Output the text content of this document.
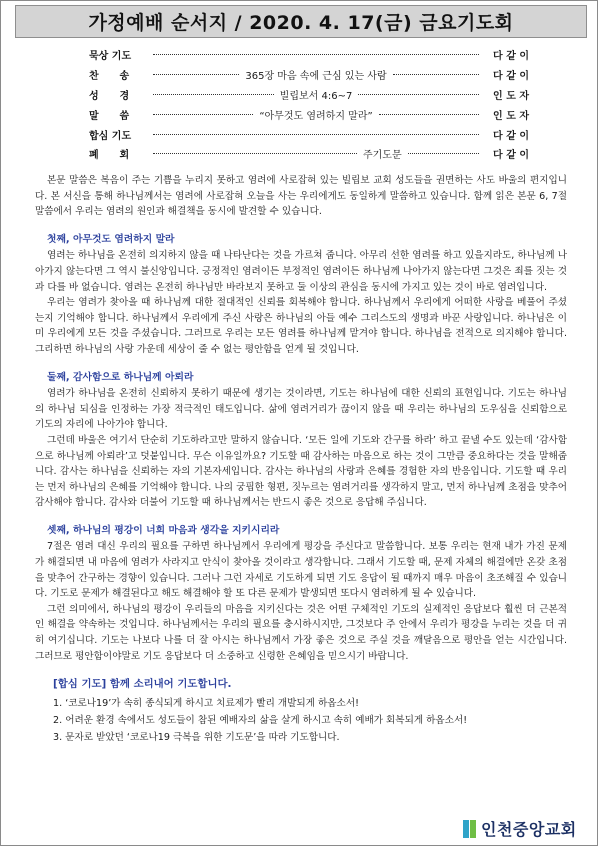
가정예배 순서지 / 2020. 4. 17(금) 금요기도회
묵상 기도	다 같 이
찬      송	365장 마음 속에 근심 있는 사람	다 같 이
성      경	빌립보서 4:6~7	인 도 자
말      씀	“아무것도 염려하지 말라”	인 도 자
합심 기도	다 같 이
폐      회	주기도문	다 같 이

본문 말씀은 복음이 주는 기쁨을 누리지 못하고 염려에 사로잡혀 있는 빌립보 교회 성도들을 권면하는 사도 바울의 편지입니다. 본 서신을 통해 하나님께서는 염려에 사로잡혀 오늘을 사는 우리에게도 동일하게 말씀하고 있습니다. 함께 읽은 본문 6, 7절 말씀에서 우리는 염려의 원인과 해결책을 동시에 발견할 수 있습니다.

첫째, 아무것도 염려하지 말라

염려는 하나님을 온전히 의지하지 않을 때 나타난다는 것을 가르쳐 줍니다. 아무리 선한 염려를 하고 있을지라도, 하나님께 나아가지 않는다면 그 역시 불신앙입니다. 긍정적인 염려이든 부정적인 염려이든 하나님께 나아가지 않는다면 그것은 죄를 짓는 것과 다를 바 없습니다. 염려는 온전히 하나님만 바라보지 못하고 둘 이상의 관심을 동시에 가지고 있는 것이 바로 염려입니다.

우리는 염려가 찾아올 때 하나님께 대한 절대적인 신뢰를 회복해야 합니다. 하나님께서 우리에게 어떠한 사랑을 베풀어 주셨는지 기억해야 합니다. 하나님께서 우리에게 주신 사랑은 하나님의 아들 예수 그리스도의 생명과 바꾼 사랑입니다. 하나님은 이미 우리에게 모든 것을 주셨습니다. 그러므로 우리는 모든 염려를 하나님께 맡겨야 합니다. 하나님을 전적으로 의지해야 합니다. 그리하면 하나님의 사랑 가운데 세상이 줄 수 없는 평안함을 얻게 될 것입니다.

둘째, 감사함으로 하나님께 아뢰라

염려가 하나님을 온전히 신뢰하지 못하기 때문에 생기는 것이라면, 기도는 하나님에 대한 신뢰의 표현입니다. 기도는 하나님의 하나님 되심을 인정하는 가장 적극적인 태도입니다. 삶에 염려거리가 끊이지 않을 때 우리는 하나님의 도우심을 신뢰함으로 기도의 자리에 나아가야 합니다.

그런데 바울은 여기서 단순히 기도하라고만 말하지 않습니다. ‘모든 일에 기도와 간구를 하라’ 하고 끝낼 수도 있는데 ‘감사함으로 하나님께 아뢰라’고 덧붙입니다. 무슨 이유일까요? 기도할 때 감사하는 마음으로 하는 것이 그만큼 중요하다는 것을 말해줍니다. 감사는 하나님을 신뢰하는 자의 기본자세입니다. 감사는 하나님의 사랑과 은혜를 경험한 자의 반응입니다. 기도할 때 우리는 먼저 하나님의 은혜를 기억해야 합니다. 나의 궁핍한 형편, 짓누르는 염려거리를 생각하지 말고, 먼저 하나님께 초점을 맞추어 감사해야 합니다. 감사와 더불어 기도할 때 하나님께서는 반드시 좋은 것으로 응답해 주십니다.

셋째, 하나님의 평강이 너희 마음과 생각을 지키시리라

7절은 염려 대신 우리의 필요를 구하면 하나님께서 우리에게 평강을 주신다고 말씀합니다. 보통 우리는 현재 내가 가진 문제가 해결되면 내 마음에 염려가 사라지고 안식이 찾아올 것이라고 생각합니다. 그래서 기도할 때, 문제 자체의 해결에만 온갖 초점을 맞추어 간구하는 경향이 있습니다. 그러나 그런 자세로 기도하게 되면 기도 응답이 될 때까지 매우 마음이 초조해질 수 있습니다. 기도로 문제가 해결된다고 해도 해결해야 할 또 다른 문제가 발생되면 또다시 염려하게 될 수 있습니다.

그런 의미에서, 하나님의 평강이 우리들의 마음을 지키신다는 것은 어떤 구체적인 기도의 실제적인 응답보다 훨씬 더 근본적인 해결을 약속하는 것입니다. 하나님께서는 우리의 필요를 충시하시지만, 그것보다 주 안에서 우리가 평강을 누리는 것을 더 귀히 여기십니다. 기도는 나보다 나를 더 잘 아시는 하나님께서 가장 좋은 것으로 주실 것을 깨달음으로 평안을 얻는 시간입니다. 그러므로 평안함이야말로 기도 응답보다 더 소중하고 신령한 은혜임을 믿으시기 바랍니다.

[합심 기도] 함께 소리내어 기도합니다.
1. ‘코로나19’가 속히 종식되게 하시고 치료제가 빨리 개발되게 하옵소서!
2. 어려운 환경 속에서도 성도들이 참된 예배자의 삶을 살게 하시고 속히 예배가 회복되게 하옵소서!
3. 문자로 받았던 ‘코로나19 극복을 위한 기도문’을 따라 기도합니다.
인천중앙교회
